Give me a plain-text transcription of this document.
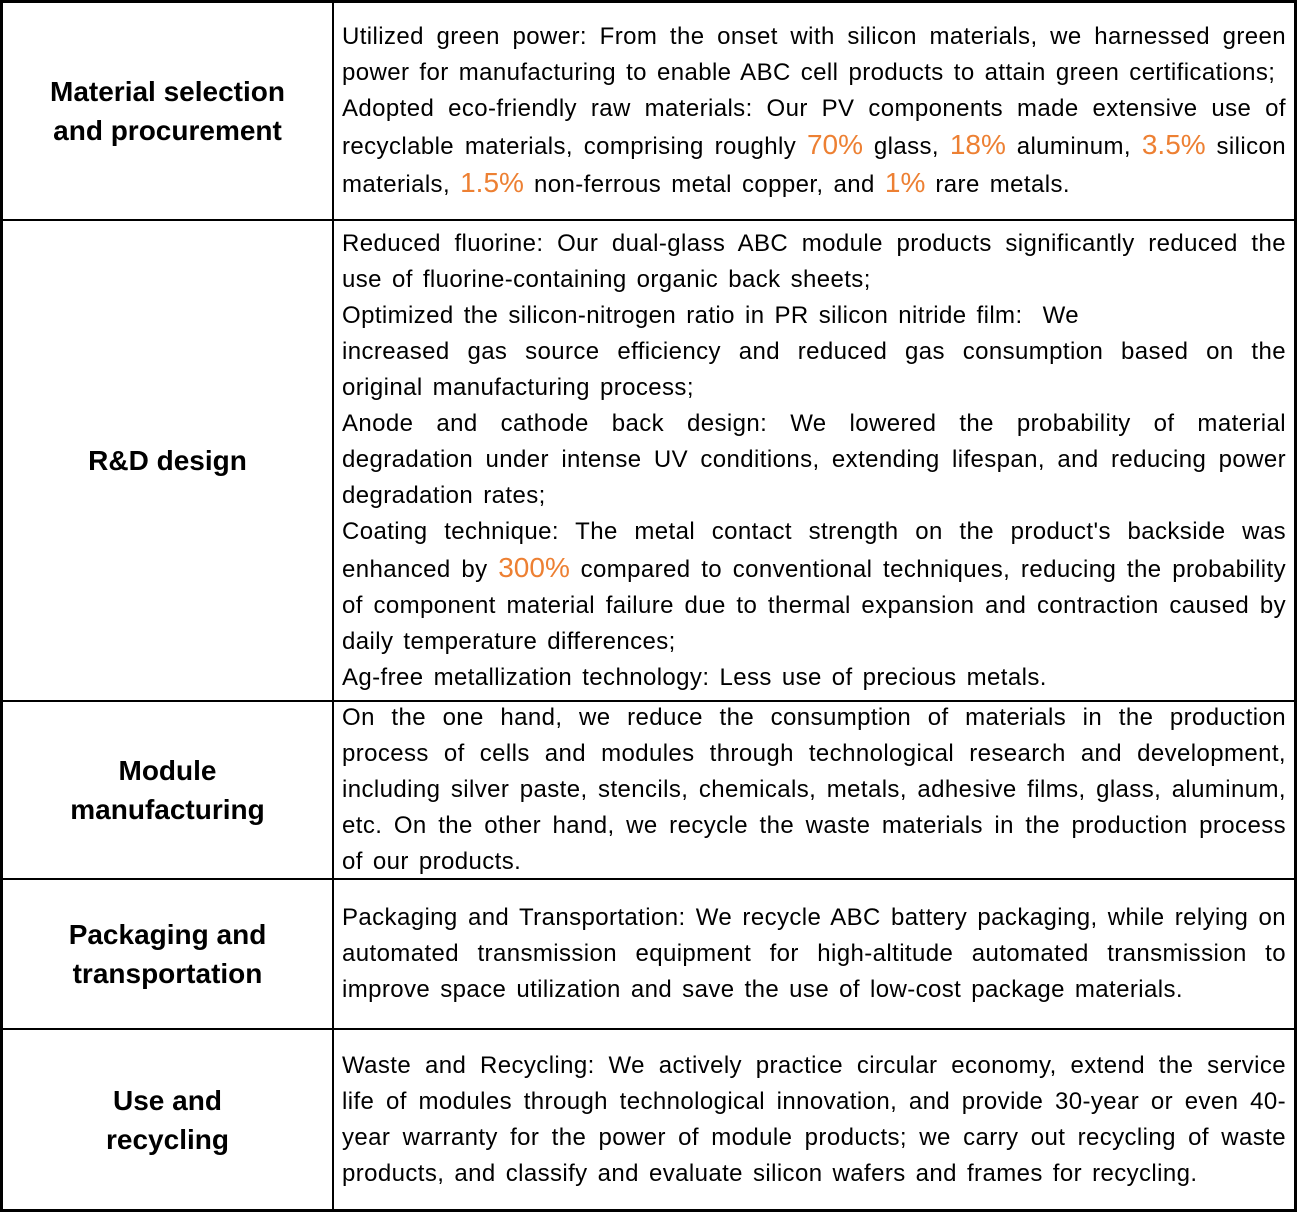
Material selection
and procurement
Utilized green power: From the onset with silicon materials, we harnessed green power for manufacturing to enable ABC cell products to attain green certifications;
Adopted eco-friendly raw materials: Our PV components made extensive use of recyclable materials, comprising roughly 70% glass, 18% aluminum, 3.5% silicon materials, 1.5% non-ferrous metal copper, and 1% rare metals.
R&D design
Reduced fluorine: Our dual-glass ABC module products significantly reduced the use of fluorine-containing organic back sheets;
Optimized the silicon-nitrogen ratio in PR silicon nitride film:  We
increased gas source efficiency and reduced gas consumption based on the original manufacturing process;
Anode and cathode back design: We lowered the probability of material degradation under intense UV conditions, extending lifespan, and reducing power degradation rates;
Coating technique: The metal contact strength on the product's backside was enhanced by 300% compared to conventional techniques, reducing the probability of component material failure due to thermal expansion and contraction caused by daily temperature differences;
Ag-free metallization technology: Less use of precious metals.
Module
manufacturing
On the one hand, we reduce the consumption of materials in the production process of cells and modules through technological research and development, including silver paste, stencils, chemicals, metals, adhesive films, glass, aluminum, etc. On the other hand, we recycle the waste materials in the production process of our products.
Packaging and
transportation
Packaging and Transportation: We recycle ABC battery packaging, while relying on automated transmission equipment for high-altitude automated transmission to improve space utilization and save the use of low-cost package materials.
Use and
recycling
Waste and Recycling: We actively practice circular economy, extend the service life of modules through technological innovation, and provide 30-year or even 40-year warranty for the power of module products; we carry out recycling of waste products, and classify and evaluate silicon wafers and frames for recycling.
